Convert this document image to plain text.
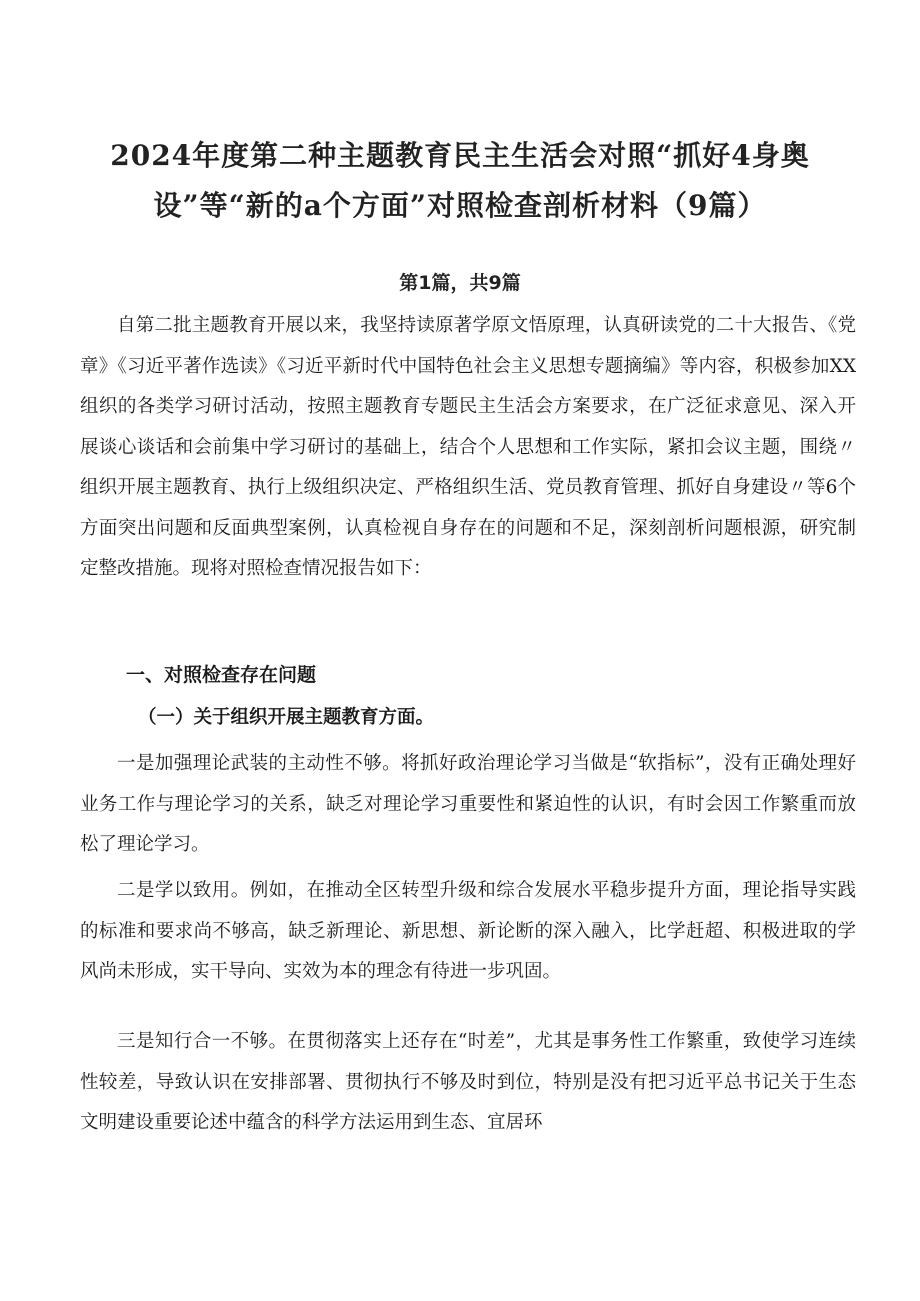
2024年度第二种主题教育民主生活会对照“抓好4身奥
设”等“新的a个方面”对照检查剖析材料（9篇）
第1篇，共9篇

自第二批主题教育开展以来，我坚持读原著学原文悟原理，认真研读党的二十大报告、《党章》《习近平著作选读》《习近平新时代中国特色社会主义思想专题摘编》等内容，积极参加XX组织的各类学习研讨活动，按照主题教育专题民主生活会方案要求，在广泛征求意见、深入开展谈心谈话和会前集中学习研讨的基础上，结合个人思想和工作实际，紧扣会议主题，围绕〃组织开展主题教育、执行上级组织决定、严格组织生活、党员教育管理、抓好自身建设〃等6个方面突出问题和反面典型案例，认真检视自身存在的问题和不足，深刻剖析问题根源，研究制定整改措施。现将对照检查情况报告如下：

一、对照检查存在问题
（一）关于组织开展主题教育方面。

一是加强理论武装的主动性不够。将抓好政治理论学习当做是“软指标”，没有正确处理好业务工作与理论学习的关系，缺乏对理论学习重要性和紧迫性的认识，有时会因工作繁重而放松了理论学习。

二是学以致用。例如，在推动全区转型升级和综合发展水平稳步提升方面，理论指导实践的标准和要求尚不够高，缺乏新理论、新思想、新论断的深入融入，比学赶超、积极进取的学风尚未形成，实干导向、实效为本的理念有待进一步巩固。

三是知行合一不够。在贯彻落实上还存在“时差”，尤其是事务性工作繁重，致使学习连续性较差，导致认识在安排部署、贯彻执行不够及时到位，特别是没有把习近平总书记关于生态文明建设重要论述中蕴含的科学方法运用到生态、宜居环
